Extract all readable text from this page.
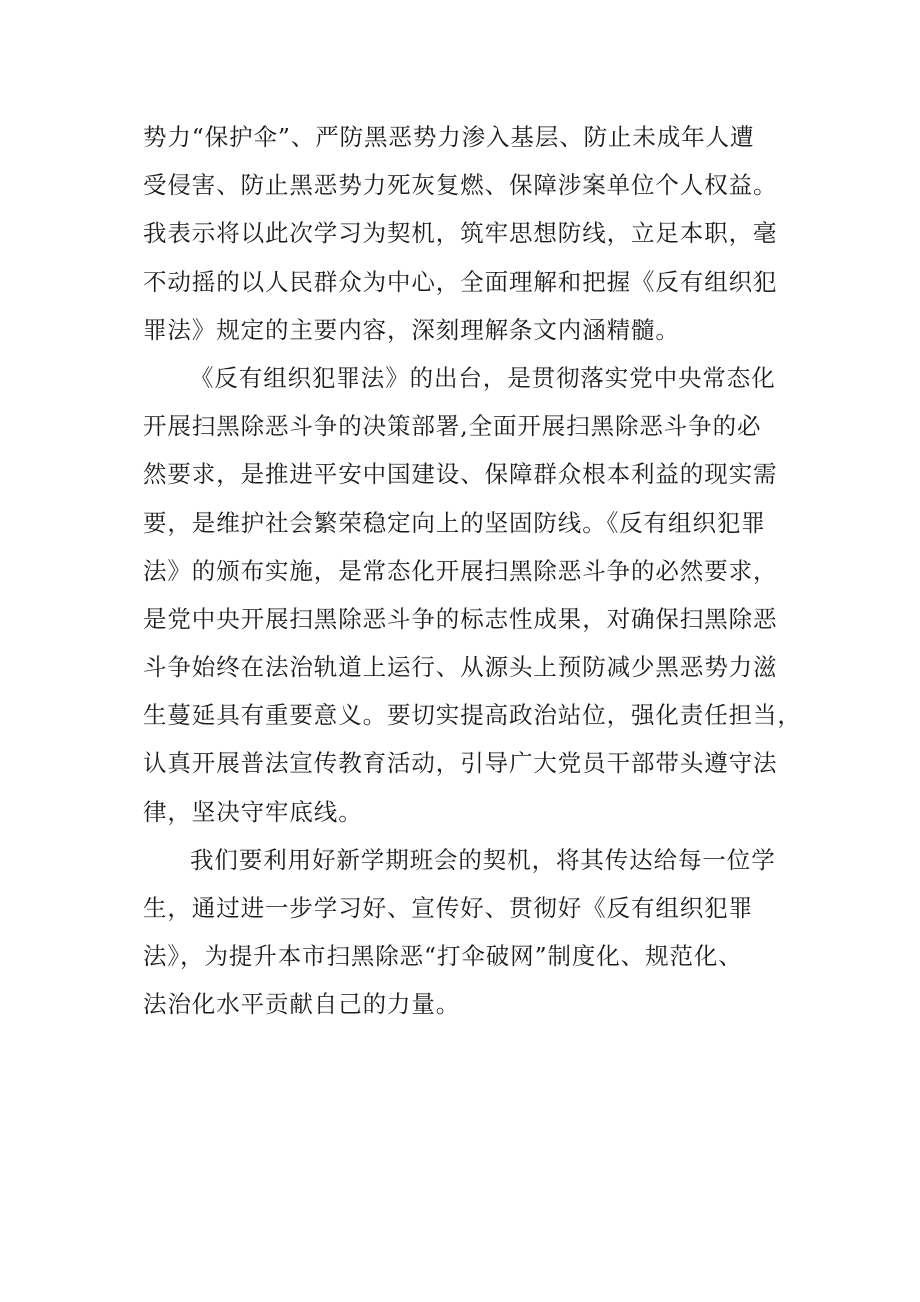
势力“保护伞”、严防黑恶势力渗入基层、防止未成年人遭
受侵害、防止黑恶势力死灰复燃、保障涉案单位个人权益。
我表示将以此次学习为契机，筑牢思想防线，立足本职，毫
不动摇的以人民群众为中心，全面理解和把握《反有组织犯
罪法》规定的主要内容，深刻理解条文内涵精髓。
《反有组织犯罪法》的出台，是贯彻落实党中央常态化
开展扫黑除恶斗争的决策部署,全面开展扫黑除恶斗争的必
然要求，是推进平安中国建设、保障群众根本利益的现实需
要，是维护社会繁荣稳定向上的坚固防线。《反有组织犯罪
法》的颁布实施，是常态化开展扫黑除恶斗争的必然要求，
是党中央开展扫黑除恶斗争的标志性成果，对确保扫黑除恶
斗争始终在法治轨道上运行、从源头上预防减少黑恶势力滋
生蔓延具有重要意义。要切实提高政治站位，强化责任担当，
认真开展普法宣传教育活动，引导广大党员干部带头遵守法
律，坚决守牢底线。
我们要利用好新学期班会的契机，将其传达给每一位学
生，通过进一步学习好、宣传好、贯彻好《反有组织犯罪
法》，为提升本市扫黑除恶“打伞破网”制度化、规范化、
法治化水平贡献自己的力量。
